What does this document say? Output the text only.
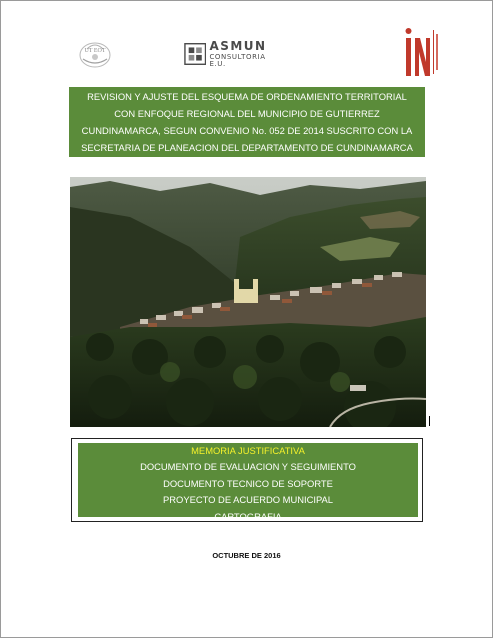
UT EOT	ASMUN
CONSULTORIA E.U.
REVISION Y AJUSTE DEL ESQUEMA DE ORDENAMIENTO TERRITORIAL
CON ENFOQUE REGIONAL DEL MUNICIPIO DE GUTIERREZ
CUNDINAMARCA, SEGUN CONVENIO No. 052 DE 2014 SUSCRITO CON LA
SECRETARIA DE PLANEACION DEL DEPARTAMENTO DE CUNDINAMARCA
MEMORIA JUSTIFICATIVA
DOCUMENTO DE EVALUACION Y SEGUIMIENTO
DOCUMENTO TECNICO DE SOPORTE
PROYECTO DE ACUERDO MUNICIPAL
CARTOGRAFIA
OCTUBRE DE 2016
